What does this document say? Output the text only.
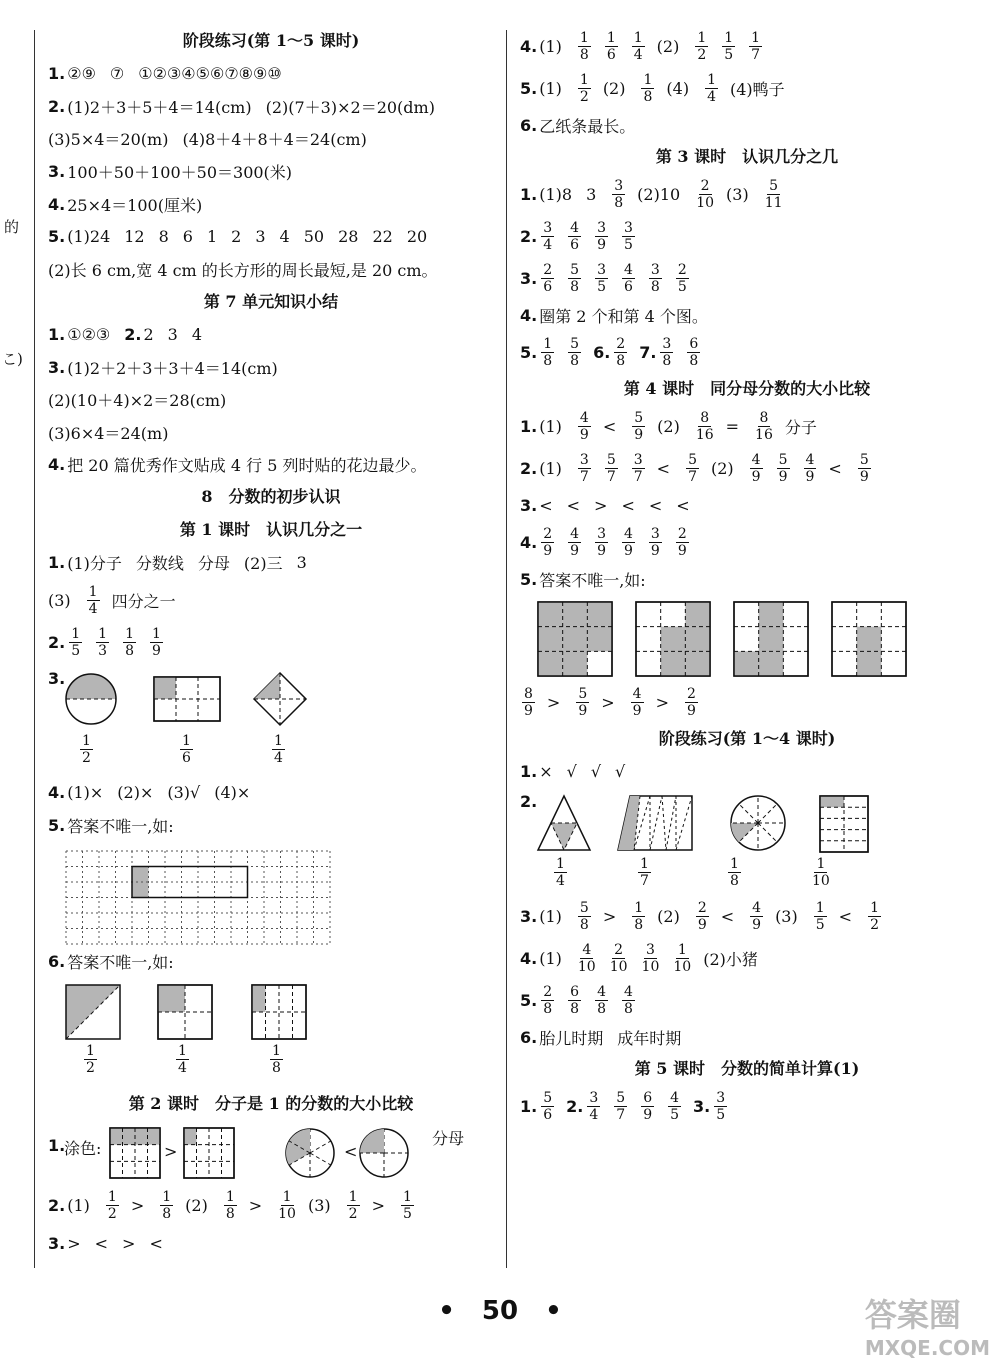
的
こ)
阶段练习(第 1～5 课时)
1. ②⑨ ⑦ ①②③④⑤⑥⑦⑧⑨⑩
2. (1)2＋3＋5＋4＝14(cm) (2)(7＋3)×2＝20(dm)
(3)5×4＝20(m) (4)8＋4＋8＋4＝24(cm)
3. 100＋50＋100＋50＝300(米)
4. 25×4＝100(厘米)
5. (1)24 12 8 6 1 2 3 4 50 28 22 20
(2)长 6 cm,宽 4 cm 的长方形的周长最短,是 20 cm。
第 7 单元知识小结
1. ①②③ 2. 2 3 4
3. (1)2＋2＋3＋3＋4＝14(cm)
(2)(10＋4)×2＝28(cm)
(3)6×4＝24(m)
4. 把 20 篇优秀作文贴成 4 行 5 列时贴的花边最少。
8　分数的初步认识
第 1 课时　认识几分之一
1. (1)分子 分数线 分母 (2)三 3
$(3) \frac{1}{4}$ 四分之一
2. $\frac{1}{5} \frac{1}{3} \frac{1}{8} \frac{1}{9}$
3.
$\frac{1}{2}$	$\frac{1}{6}$	$\frac{1}{4}$
4. (1)× (2)× (3)√ (4)×
5. 答案不唯一,如:
6. 答案不唯一,如:
$\frac{1}{2}$	$\frac{1}{4}$	$\frac{1}{8}$
第 2 课时　分子是 1 的分数的大小比较
1.
涂色:	>	<
分母
2. $(1) \frac{1}{2} > \frac{1}{8} (2) \frac{1}{8} > \frac{1}{10} (3) \frac{1}{2} > \frac{1}{5}$
3. > < > <
4. $(1) \frac{1}{8} \frac{1}{6} \frac{1}{4} (2) \frac{1}{2} \frac{1}{5} \frac{1}{7}$
5. $(1) \frac{1}{2} (2) \frac{1}{8} (4) \frac{1}{4} (4)$鸭子
6. 乙纸条最长。
第 3 课时　认识几分之几
1. (1)8 $3 \frac{3}{8} (2)10 \frac{2}{10} (3) \frac{5}{11}$
2. $\frac{3}{4} \frac{4}{6} \frac{3}{9} \frac{3}{5}$
3. $\frac{2}{6} \frac{5}{8} \frac{3}{5} \frac{4}{6} \frac{3}{8} \frac{2}{5}$
4. 圈第 2 个和第 4 个图。
5. $\frac{1}{8} \frac{5}{8} 6$. $\frac{2}{8} 7$. $\frac{3}{8} \frac{6}{8}$
第 4 课时　同分母分数的大小比较
1. $(1) \frac{4}{9} < \frac{5}{9} (2) \frac{8}{16} = \frac{8}{16}$ 分子
2. $(1) \frac{3}{7} \frac{5}{7} \frac{3}{7} < \frac{5}{7} (2) \frac{4}{9} \frac{5}{9} \frac{4}{9} < \frac{5}{9}$
3. < < > < < <
4. $\frac{2}{9} \frac{4}{9} \frac{3}{9} \frac{4}{9} \frac{3}{9} \frac{2}{9}$
5. 答案不唯一,如:
$\frac{8}{9} > \frac{5}{9} > \frac{4}{9} > \frac{2}{9}$
阶段练习(第 1～4 课时)
1. × √ √ √
2.
$\frac{1}{4}$	$\frac{1}{7}$	$\frac{1}{8}$	$\frac{1}{10}$
3. $(1) \frac{5}{8} > \frac{1}{8} (2) \frac{2}{9} < \frac{4}{9} (3) \frac{1}{5} < \frac{1}{2}$
4. $(1) \frac{4}{10} \frac{2}{10} \frac{3}{10} \frac{1}{10} (2)$小猪
5. $\frac{2}{8} \frac{6}{8} \frac{4}{8} \frac{4}{8}$
6. 胎儿时期 成年时期
第 5 课时　分数的简单计算(1)
1. $\frac{5}{6} 2$. $\frac{3}{4} \frac{5}{7} \frac{6}{9} \frac{4}{5} 3$. $\frac{3}{5}$
• 50 •	答案圈
MXQE.COM
